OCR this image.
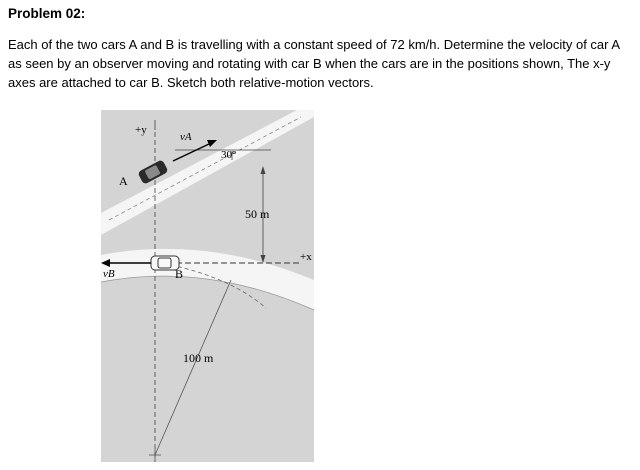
Problem 02:

Each of the two cars A and B is travelling with a constant speed of 72 km/h. Determine the velocity of car A as seen by an observer moving and rotating with car B when the cars are in the positions shown, The x-y axes are attached to car B. Sketch both relative-motion vectors.

+y
vA
30°
A
50 m
+x
vB	B
100 m
